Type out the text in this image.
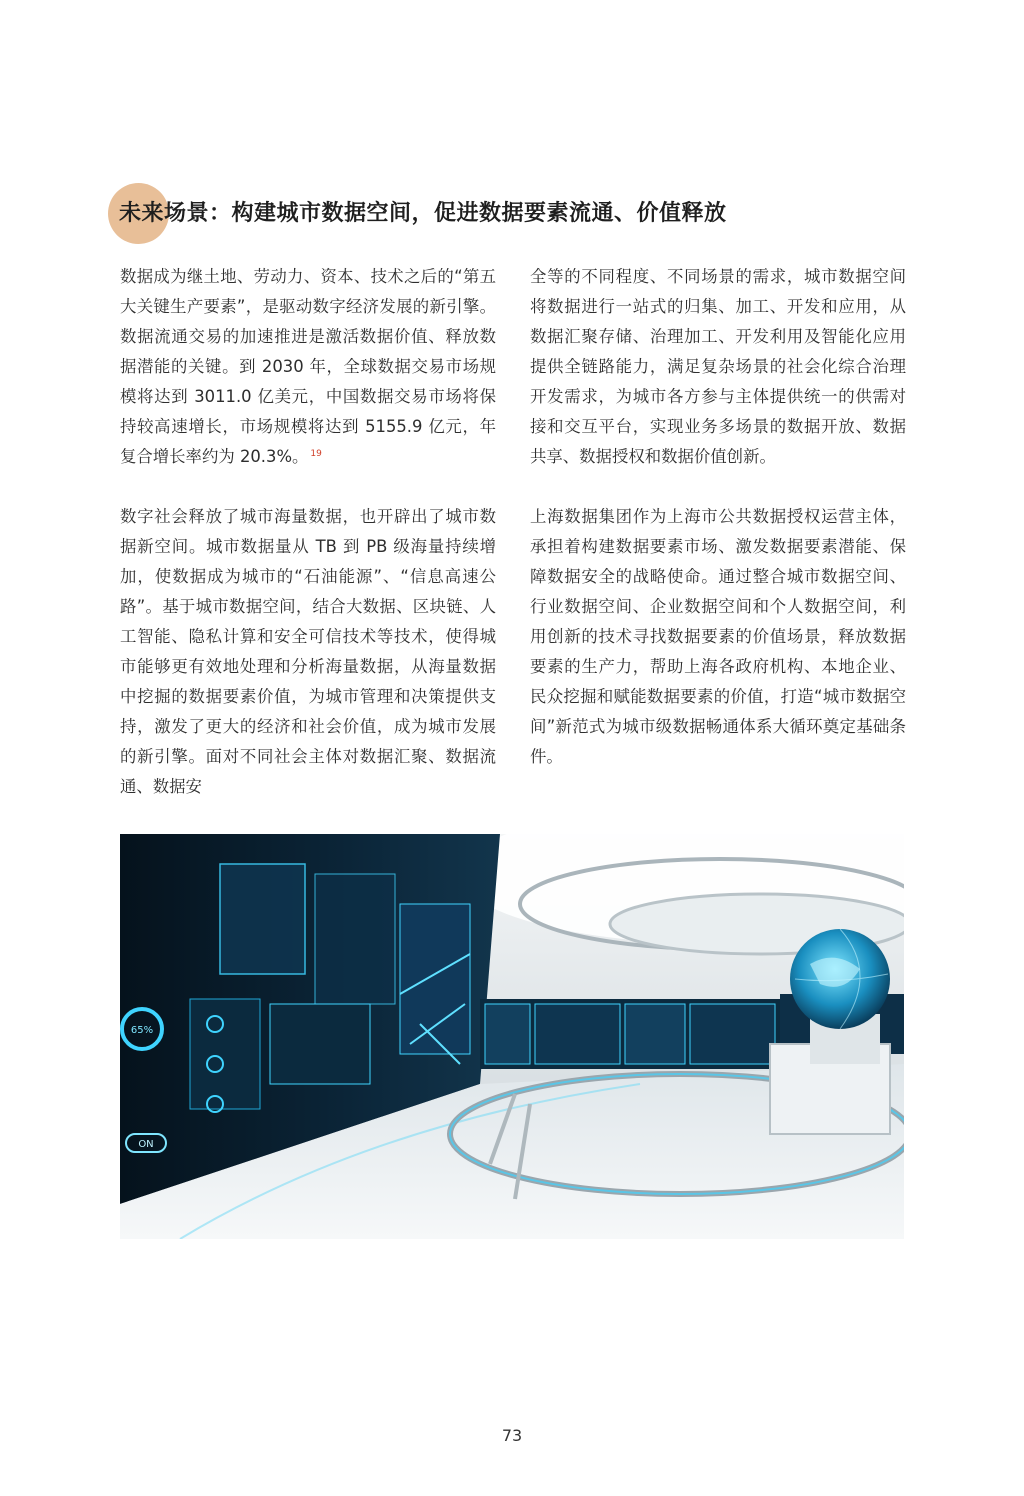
未来场景：构建城市数据空间，促进数据要素流通、价值释放

数据成为继土地、劳动力、资本、技术之后的“第五大关键生产要素”，是驱动数字经济发展的新引擎。数据流通交易的加速推进是激活数据价值、释放数据潜能的关键。到 2030 年，全球数据交易市场规模将达到 3011.0 亿美元，中国数据交易市场将保持较高速增长，市场规模将达到 5155.9 亿元，年复合增长率约为 20.3%。 $^{19}$

数字社会释放了城市海量数据，也开辟出了城市数据新空间。城市数据量从 TB 到 PB 级海量持续增加，使数据成为城市的“石油能源”、“信息高速公路”。基于城市数据空间，结合大数据、区块链、人工智能、隐私计算和安全可信技术等技术，使得城市能够更有效地处理和分析海量数据，从海量数据中挖掘的数据要素价值，为城市管理和决策提供支持，激发了更大的经济和社会价值，成为城市发展的新引擎。面对不同社会主体对数据汇聚、数据流通、数据安

全等的不同程度、不同场景的需求，城市数据空间将数据进行一站式的归集、加工、开发和应用，从数据汇聚存储、治理加工、开发利用及智能化应用提供全链路能力，满足复杂场景的社会化综合治理开发需求，为城市各方参与主体提供统一的供需对接和交互平台，实现业务多场景的数据开放、数据共享、数据授权和数据价值创新。

上海数据集团作为上海市公共数据授权运营主体，承担着构建数据要素市场、激发数据要素潜能、保障数据安全的战略使命。通过整合城市数据空间、行业数据空间、企业数据空间和个人数据空间，利用创新的技术寻找数据要素的价值场景，释放数据要素的生产力，帮助上海各政府机构、本地企业、民众挖掘和赋能数据要素的价值，打造“城市数据空间”新范式为城市级数据畅通体系大循环奠定基础条件。

65%
ON
73
